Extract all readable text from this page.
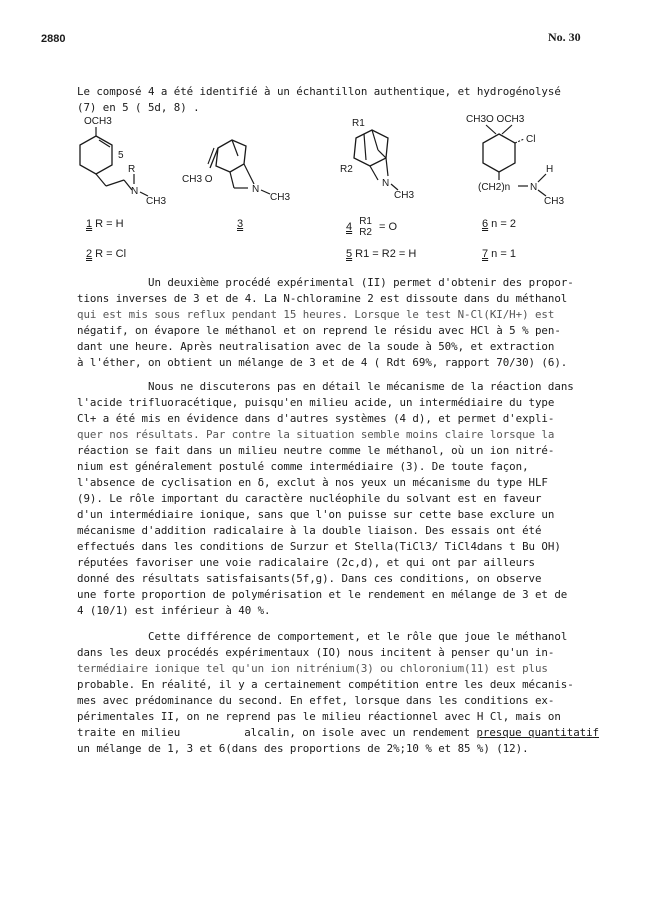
2880	No. 30
Le composé 4 a été identifié à un échantillon authentique, et hydrogénolysé
(7) en 5 ( 5d, 8) .
OCH3
5
R
N
CH3
CH3 O
N
CH3
R1
R2
N
CH3
CH3O OCH3
Cl
(CH2)n N
H
CH3
1 R = H
2 R = Cl
3	4 R1
R2 = O
5 R1 = R2 = H
6 n = 2
7 n = 1
Un deuxième procédé expérimental (II) permet d'obtenir des propor-
tions inverses de 3 et de 4. La N-chloramine 2 est dissoute dans du méthanol
qui est mis sous reflux pendant 15 heures. Lorsque le test N-Cl(KI/H+) est
négatif, on évapore le méthanol et on reprend le résidu avec HCl à 5 % pen-
dant une heure. Après neutralisation avec de la soude à 50%, et extraction
à l'éther, on obtient un mélange de 3 et de 4 ( Rdt 69%, rapport 70/30) (6).
Nous ne discuterons pas en détail le mécanisme de la réaction dans
l'acide trifluoracétique, puisqu'en milieu acide, un intermédiaire du type
Cl+ a été mis en évidence dans d'autres systèmes (4 d), et permet d'expli-
quer nos résultats. Par contre la situation semble moins claire lorsque la
réaction se fait dans un milieu neutre comme le méthanol, où un ion nitré-
nium est généralement postulé comme intermédiaire (3). De toute façon,
l'absence de cyclisation en δ, exclut à nos yeux un mécanisme du type HLF
(9). Le rôle important du caractère nucléophile du solvant est en faveur
d'un intermédiaire ionique, sans que l'on puisse sur cette base exclure un
mécanisme d'addition radicalaire à la double liaison. Des essais ont été
effectués dans les conditions de Surzur et Stella(TiCl3/ TiCl4dans t Bu OH)
réputées favoriser une voie radicalaire (2c,d), et qui ont par ailleurs
donné des résultats satisfaisants(5f,g). Dans ces conditions, on observe
une forte proportion de polymérisation et le rendement en mélange de 3 et de
4 (10/1) est inférieur à 40 %.
Cette différence de comportement, et le rôle que joue le méthanol
dans les deux procédés expérimentaux (IO) nous incitent à penser qu'un in-
termédiaire ionique tel qu'un ion nitrénium(3) ou chloronium(11) est plus
probable. En réalité, il y a certainement compétition entre les deux mécanis-
mes avec prédominance du second. En effet, lorsque dans les conditions ex-
périmentales II, on ne reprend pas le milieu réactionnel avec H Cl, mais on
traite en milieu	alcalin, on isole avec un rendement presque quantitatif
un mélange de 1, 3 et 6(dans des proportions de 2%;10 % et 85 %) (12).
